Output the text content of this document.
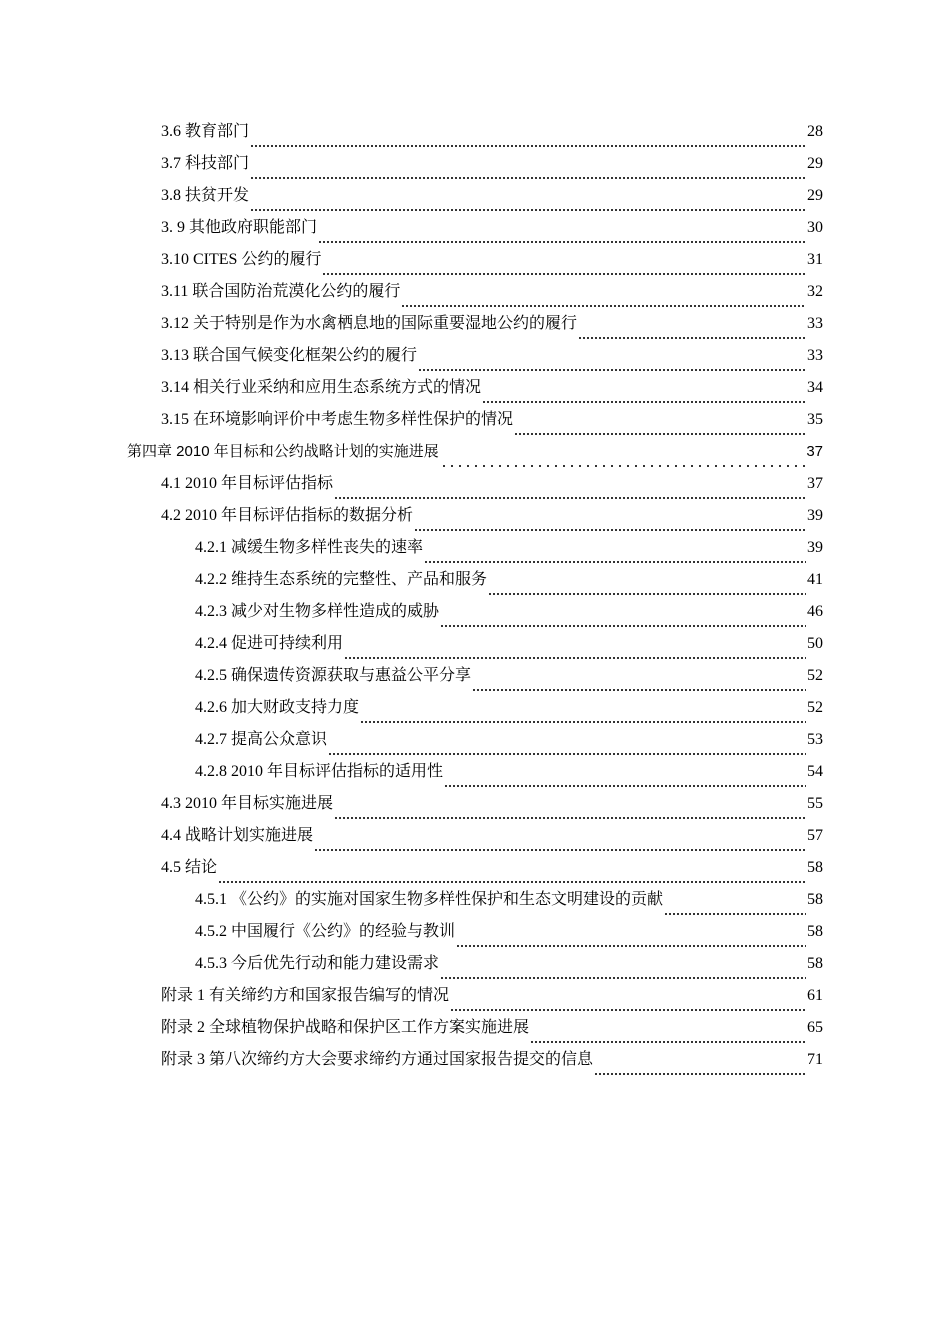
3.6 教育部门	28
3.7 科技部门	29
3.8 扶贫开发	29
3. 9 其他政府职能部门	30
3.10 CITES 公约的履行	31
3.11 联合国防治荒漠化公约的履行	32
3.12 关于特别是作为水禽栖息地的国际重要湿地公约的履行	33
3.13 联合国气候变化框架公约的履行	33
3.14 相关行业采纳和应用生态系统方式的情况	34
3.15 在环境影响评价中考虑生物多样性保护的情况	35
第四章 2010 年目标和公约战略计划的实施进展	37
4.1 2010 年目标评估指标	37
4.2 2010 年目标评估指标的数据分析	39
4.2.1 减缓生物多样性丧失的速率	39
4.2.2 维持生态系统的完整性、产品和服务	41
4.2.3 减少对生物多样性造成的威胁	46
4.2.4 促进可持续利用	50
4.2.5 确保遗传资源获取与惠益公平分享	52
4.2.6 加大财政支持力度	52
4.2.7 提高公众意识	53
4.2.8 2010 年目标评估指标的适用性	54
4.3 2010 年目标实施进展	55
4.4 战略计划实施进展	57
4.5 结论	58
4.5.1 《公约》的实施对国家生物多样性保护和生态文明建设的贡献	58
4.5.2 中国履行《公约》的经验与教训	58
4.5.3 今后优先行动和能力建设需求	58
附录 1 有关缔约方和国家报告编写的情况	61
附录 2 全球植物保护战略和保护区工作方案实施进展	65
附录 3 第八次缔约方大会要求缔约方通过国家报告提交的信息	71
